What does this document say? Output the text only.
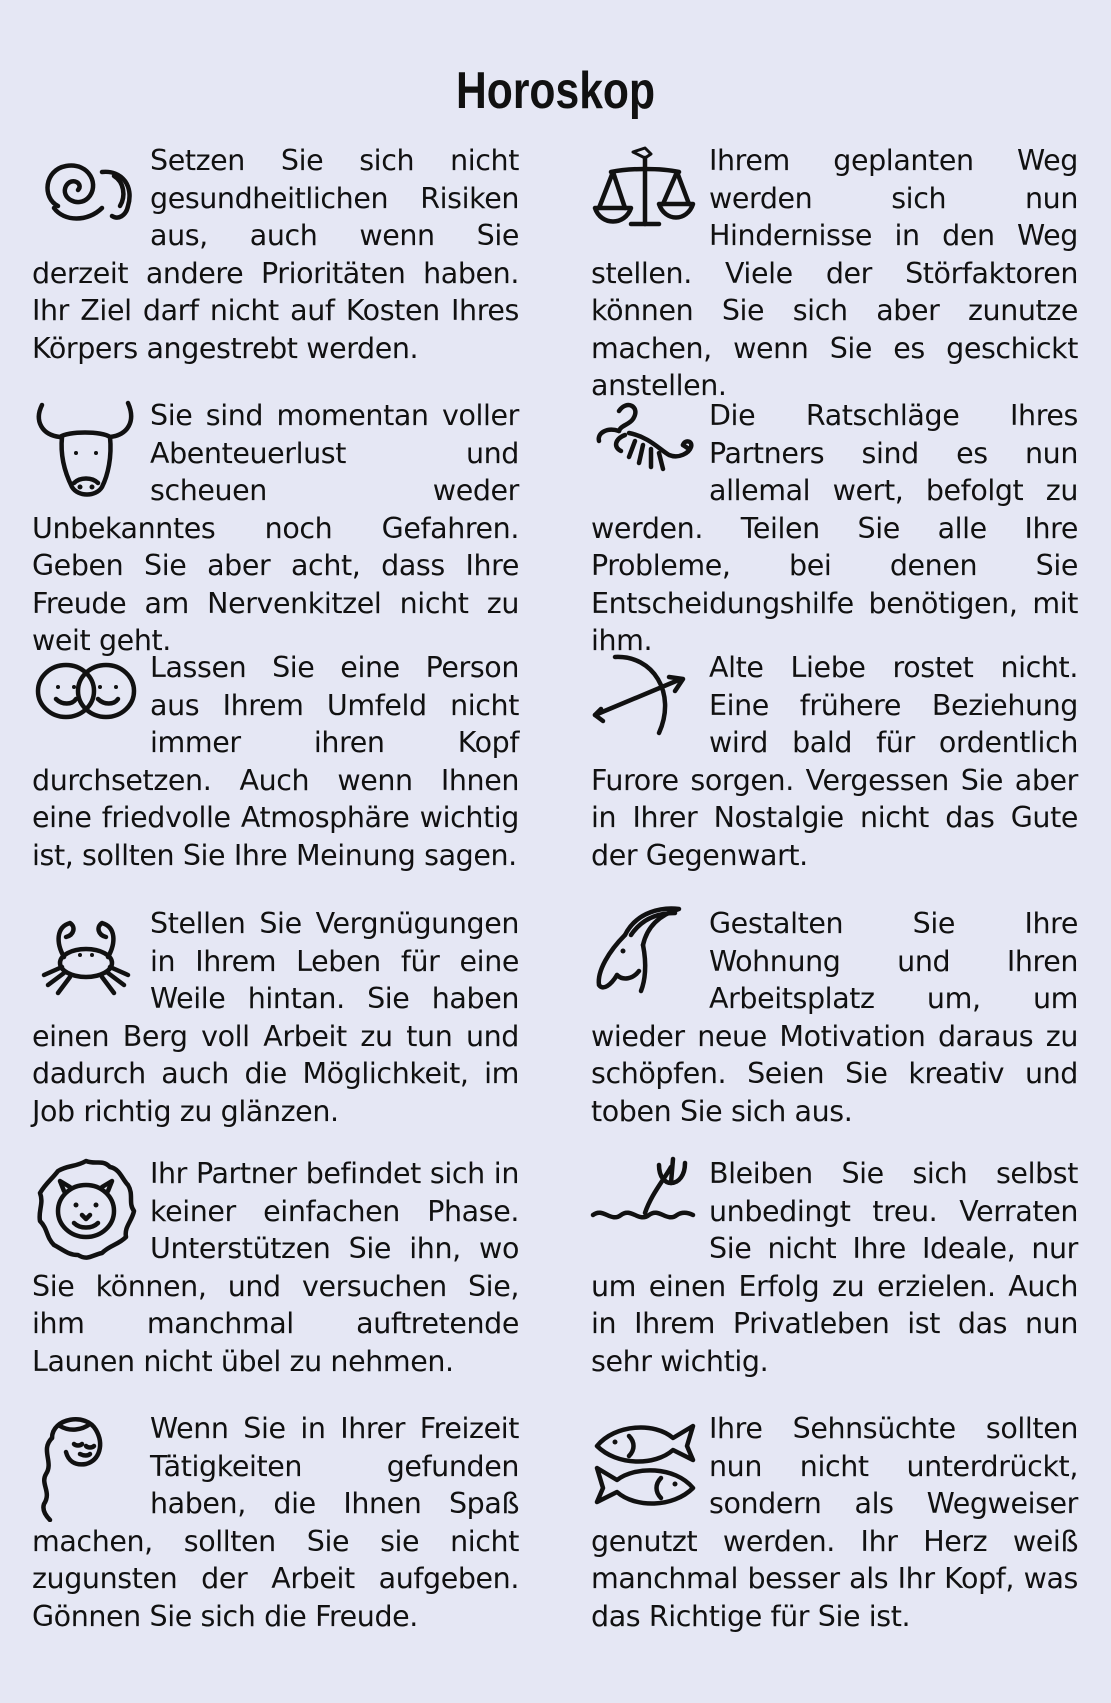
Horoskop
Setzen Sie sich nicht gesundheitlichen Risiken aus, auch wenn Sie derzeit andere Prioritäten haben. Ihr Ziel darf nicht auf Kosten Ihres Körpers angestrebt werden.
Sie sind momentan voller Abenteuerlust und scheuen weder Unbekanntes noch Gefahren. Geben Sie aber acht, dass Ihre Freude am Nervenkitzel nicht zu weit geht.
Lassen Sie eine Person aus Ihrem Umfeld nicht immer ihren Kopf durchsetzen. Auch wenn Ihnen eine friedvolle Atmosphäre wichtig ist, sollten Sie Ihre Meinung sagen.
Stellen Sie Vergnügungen in Ihrem Leben für eine Weile hintan. Sie haben einen Berg voll Arbeit zu tun und dadurch auch die Möglichkeit, im Job richtig zu glänzen.
Ihr Partner befindet sich in keiner einfachen Phase. Unterstützen Sie ihn, wo Sie können, und versuchen Sie, ihm manchmal auftretende Launen nicht übel zu nehmen.
Wenn Sie in Ihrer Freizeit Tätigkeiten gefunden haben, die Ihnen Spaß machen, sollten Sie sie nicht zugunsten der Arbeit aufgeben. Gönnen Sie sich die Freude.
Ihrem geplanten Weg werden sich nun Hindernisse in den Weg stellen. Viele der Störfaktoren können Sie sich aber zunutze machen, wenn Sie es geschickt anstellen.
Die Ratschläge Ihres Partners sind es nun allemal wert, befolgt zu werden. Teilen Sie alle Ihre Probleme, bei denen Sie Entscheidungshilfe benötigen, mit ihm.
Alte Liebe rostet nicht. Eine frühere Beziehung wird bald für ordentlich Furore sorgen. Vergessen Sie aber in Ihrer Nostalgie nicht das Gute der Gegenwart.
Gestalten Sie Ihre Wohnung und Ihren Arbeitsplatz um, um wieder neue Motivation daraus zu schöpfen. Seien Sie kreativ und toben Sie sich aus.
Bleiben Sie sich selbst unbedingt treu. Verraten Sie nicht Ihre Ideale, nur um einen Erfolg zu erzielen. Auch in Ihrem Privatleben ist das nun sehr wichtig.
Ihre Sehnsüchte sollten nun nicht unterdrückt, sondern als Wegweiser genutzt werden. Ihr Herz weiß manchmal besser als Ihr Kopf, was das Richtige für Sie ist.
